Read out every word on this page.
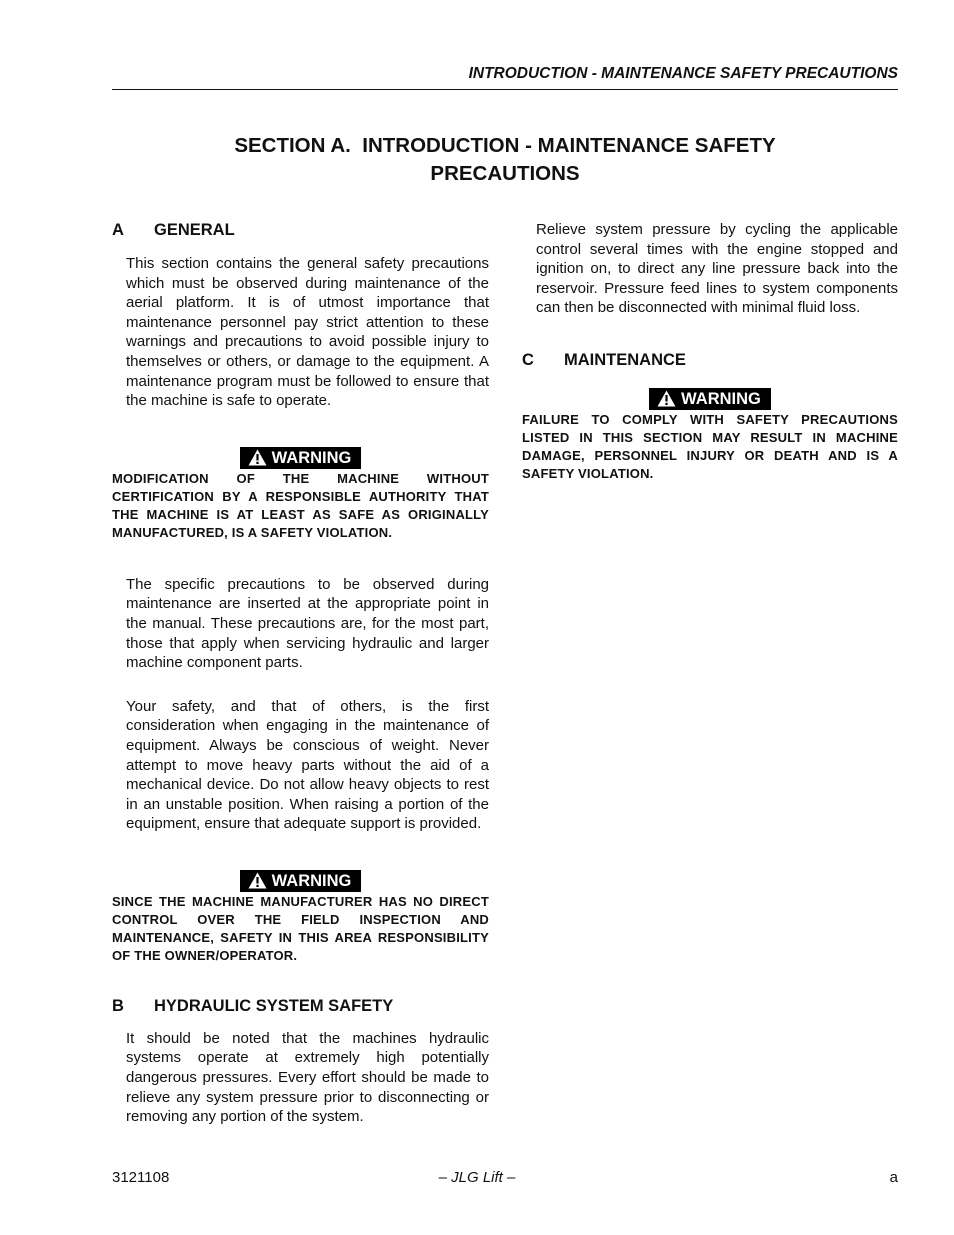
INTRODUCTION - MAINTENANCE SAFETY PRECAUTIONS
SECTION A.  INTRODUCTION - MAINTENANCE SAFETY
PRECAUTIONS
A GENERAL
This section contains the general safety precautions which must be observed during maintenance of the aerial platform. It is of utmost importance that maintenance personnel pay strict attention to these warnings and precautions to avoid possible injury to themselves or others, or damage to the equipment. A maintenance program must be followed to ensure that the machine is safe to operate.
WARNING
MODIFICATION OF THE MACHINE WITHOUT CERTIFICATION BY A RESPONSIBLE AUTHORITY THAT THE MACHINE IS AT LEAST AS SAFE AS ORIGINALLY MANUFACTURED, IS A SAFETY VIOLATION.
The specific precautions to be observed during maintenance are inserted at the appropriate point in the manual. These precautions are, for the most part, those that apply when servicing hydraulic and larger machine component parts.
Your safety, and that of others, is the first consideration when engaging in the maintenance of equipment. Always be conscious of weight. Never attempt to move heavy parts without the aid of a mechanical device. Do not allow heavy objects to rest in an unstable position. When raising a portion of the equipment, ensure that adequate support is provided.
WARNING
SINCE THE MACHINE MANUFACTURER HAS NO DIRECT CONTROL OVER THE FIELD INSPECTION AND MAINTENANCE, SAFETY IN THIS AREA RESPONSIBILITY OF THE OWNER/OPERATOR.
B HYDRAULIC SYSTEM SAFETY
It should be noted that the machines hydraulic systems operate at extremely high potentially dangerous pressures. Every effort should be made to relieve any system pressure prior to disconnecting or removing any portion of the system.
Relieve system pressure by cycling the applicable control several times with the engine stopped and ignition on, to direct any line pressure back into the reservoir. Pressure feed lines to system components can then be disconnected with minimal fluid loss.
C MAINTENANCE
WARNING
FAILURE TO COMPLY WITH SAFETY PRECAUTIONS LISTED IN THIS SECTION MAY RESULT IN MACHINE DAMAGE, PERSONNEL INJURY OR DEATH AND IS A SAFETY VIOLATION.
3121108	– JLG Lift –	a
